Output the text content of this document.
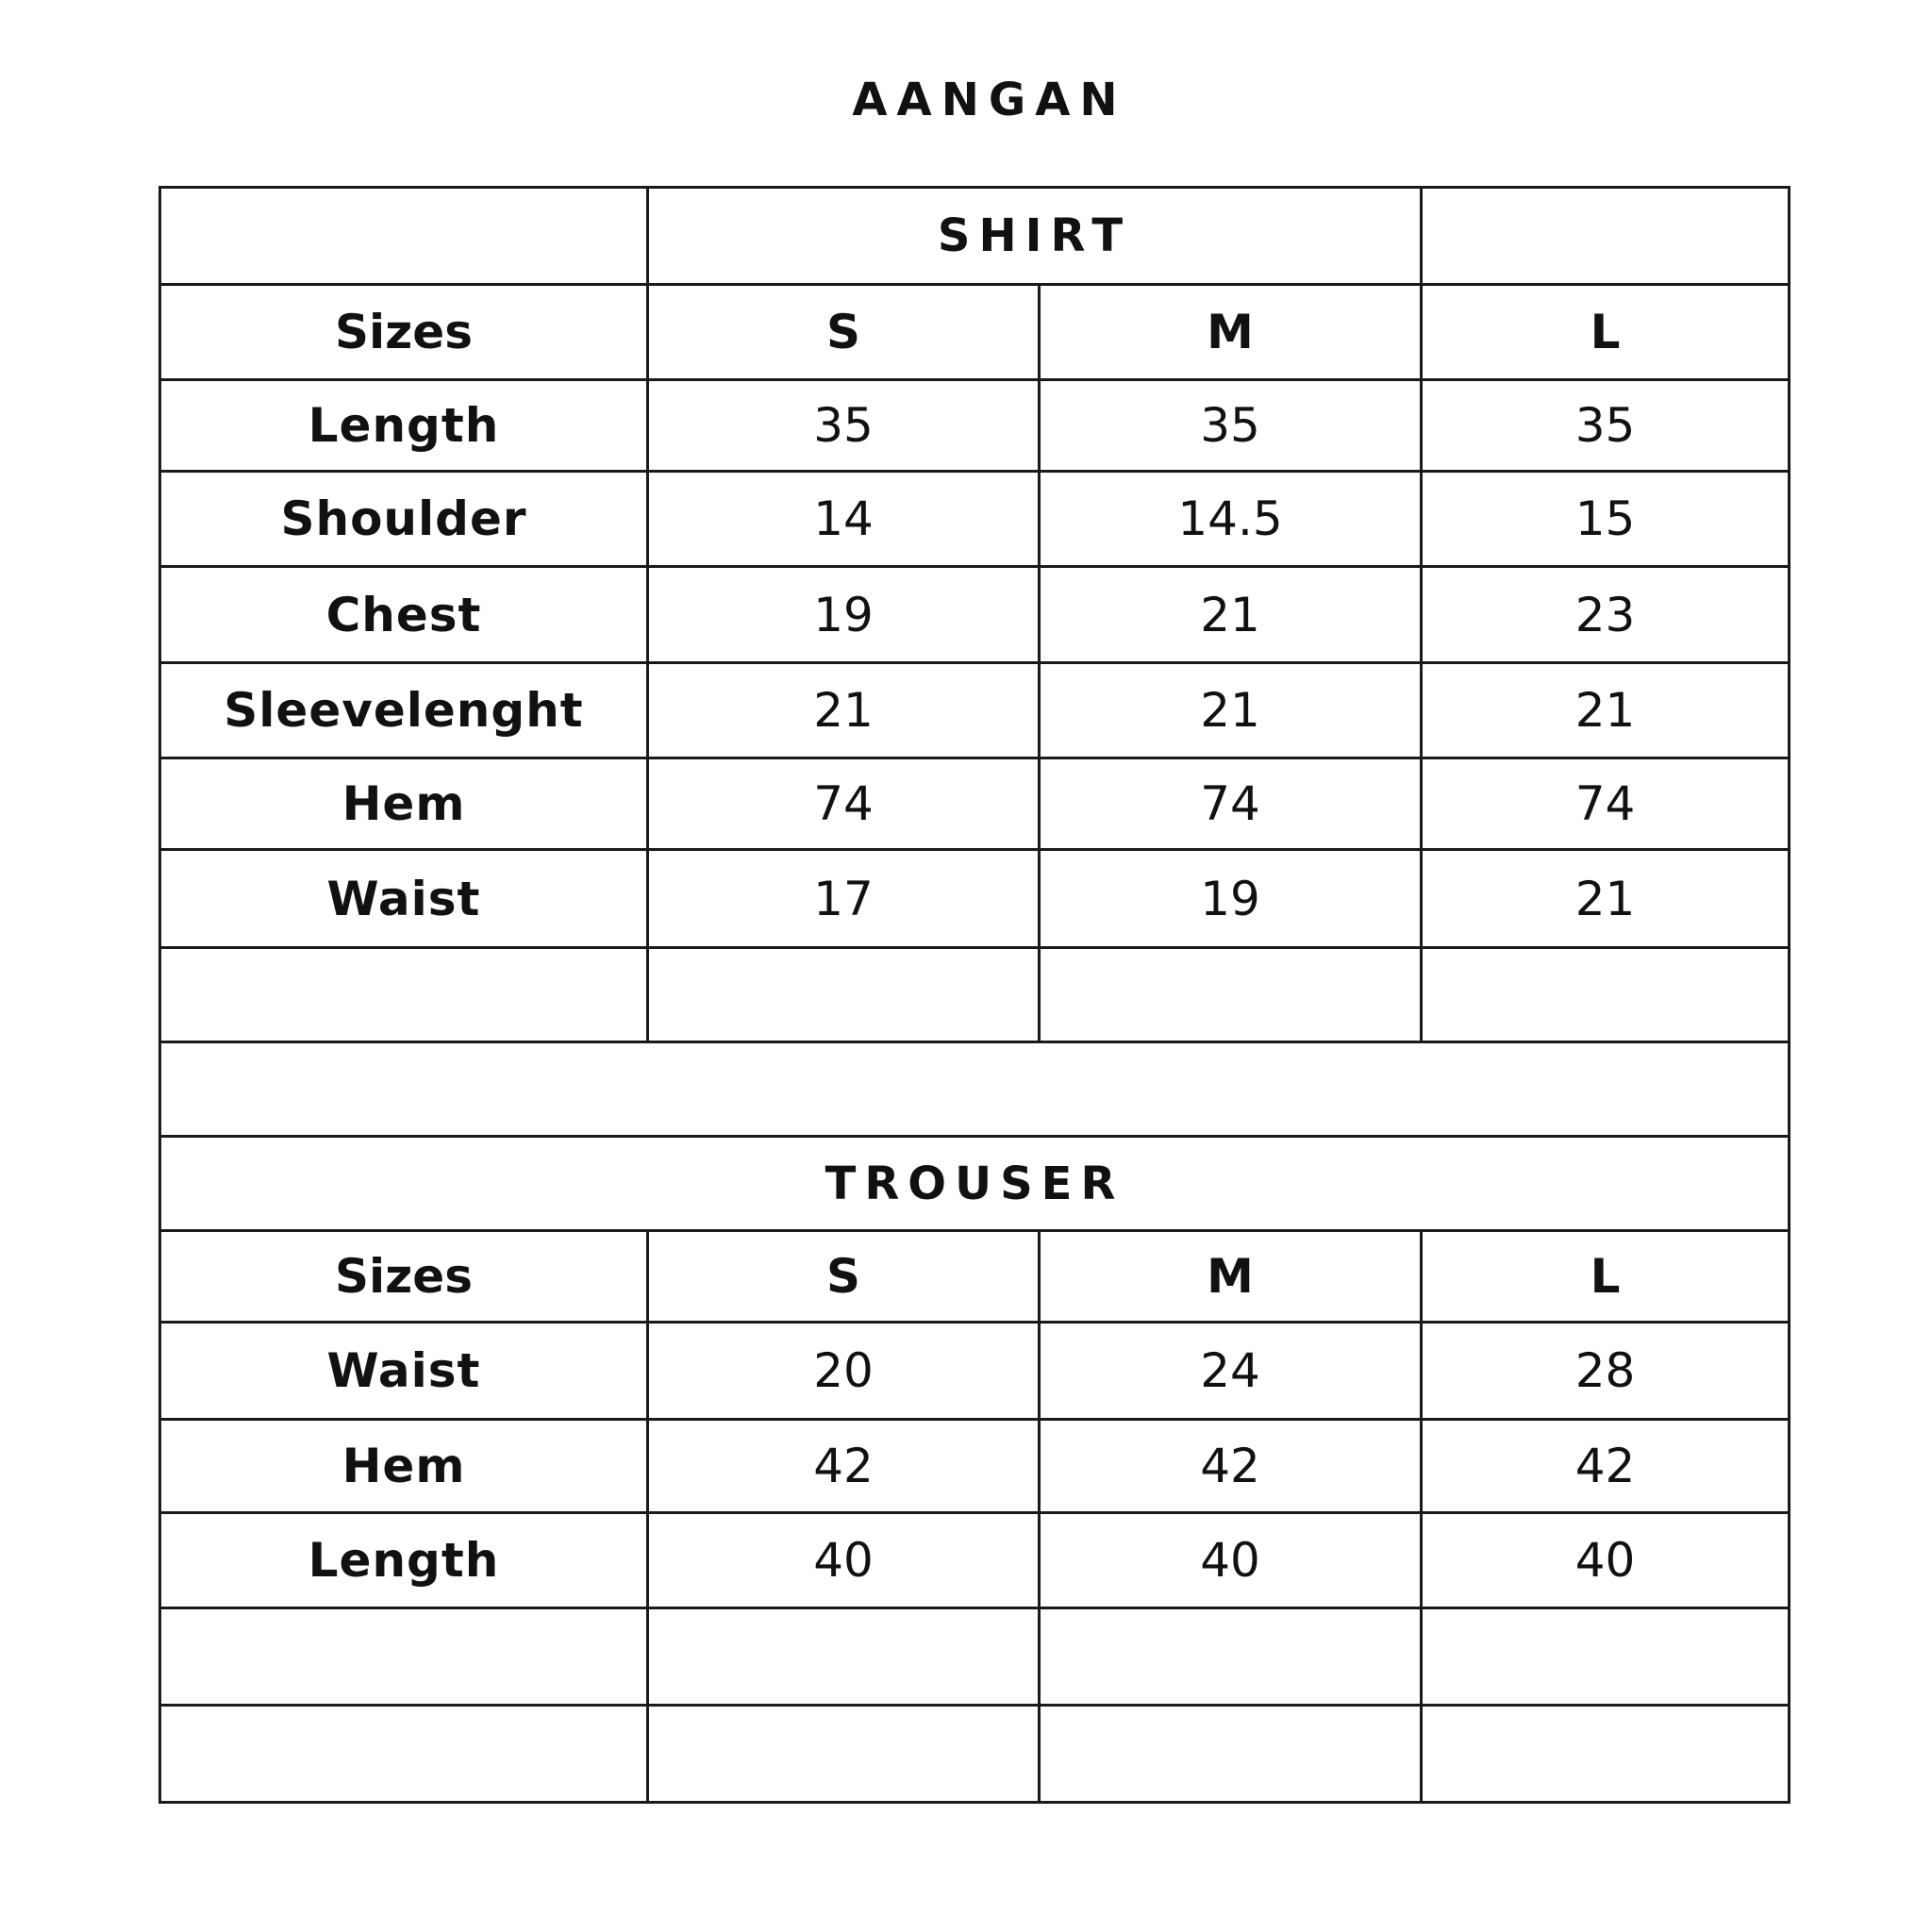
AANGAN
	SHIRT		
Sizes	S	M	L
Length	35	35	35
Shoulder	14	14.5	15
Chest	19	21	23
Sleevelenght	21	21	21
Hem	74	74	74
Waist	17	19	21

TROUSER			
Sizes	S	M	L
Waist	20	24	28
Hem	42	42	42
Length	40	40	40
